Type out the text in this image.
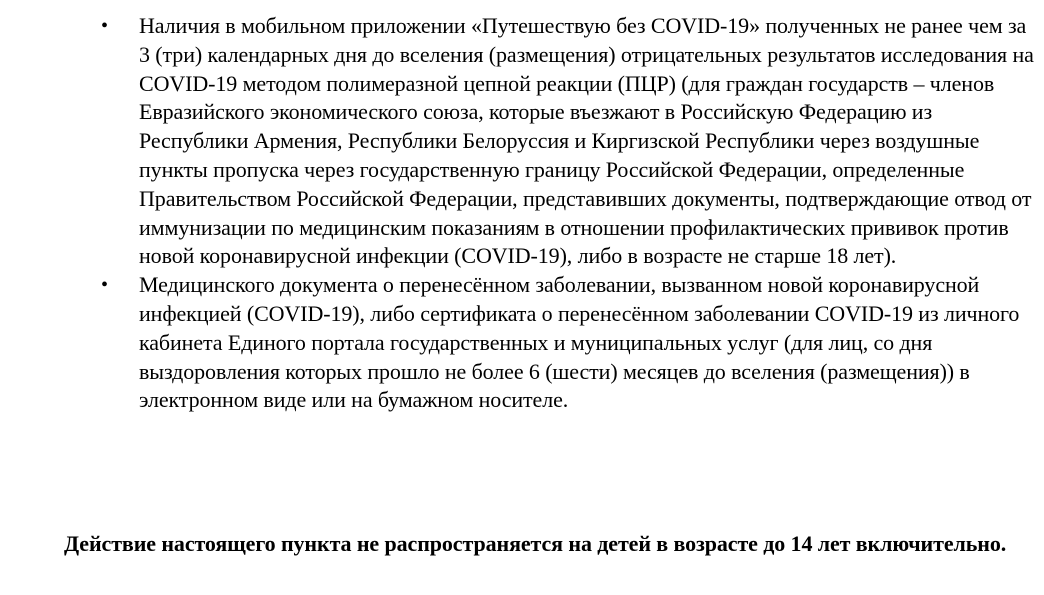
• Наличия в мобильном приложении «Путешествую без COVID-19» полученных не ранее чем за 3 (три) календарных дня до вселения (размещения) отрицательных результатов исследования на COVID-19 методом полимеразной цепной реакции (ПЦР) (для граждан государств – членов Евразийского экономического союза, которые въезжают в Российскую Федерацию из Республики Армения, Республики Белоруссия и Киргизской Республики через воздушные пункты пропуска через государственную границу Российской Федерации, определенные Правительством Российской Федерации, представивших документы, подтверждающие отвод от иммунизации по медицинским показаниям в отношении профилактических прививок против новой коронавирусной инфекции (COVID-19), либо в возрасте не старше 18 лет).
• Медицинского документа о перенесённом заболевании, вызванном новой коронавирусной инфекцией (COVID-19), либо сертификата о перенесённом заболевании COVID-19 из личного кабинета Единого портала государственных и муниципальных услуг (для лиц, со дня выздоровления которых прошло не более 6 (шести) месяцев до вселения (размещения)) в электронном виде или на бумажном носителе.

Действие настоящего пункта не распространяется на детей в возрасте до 14 лет включительно.
